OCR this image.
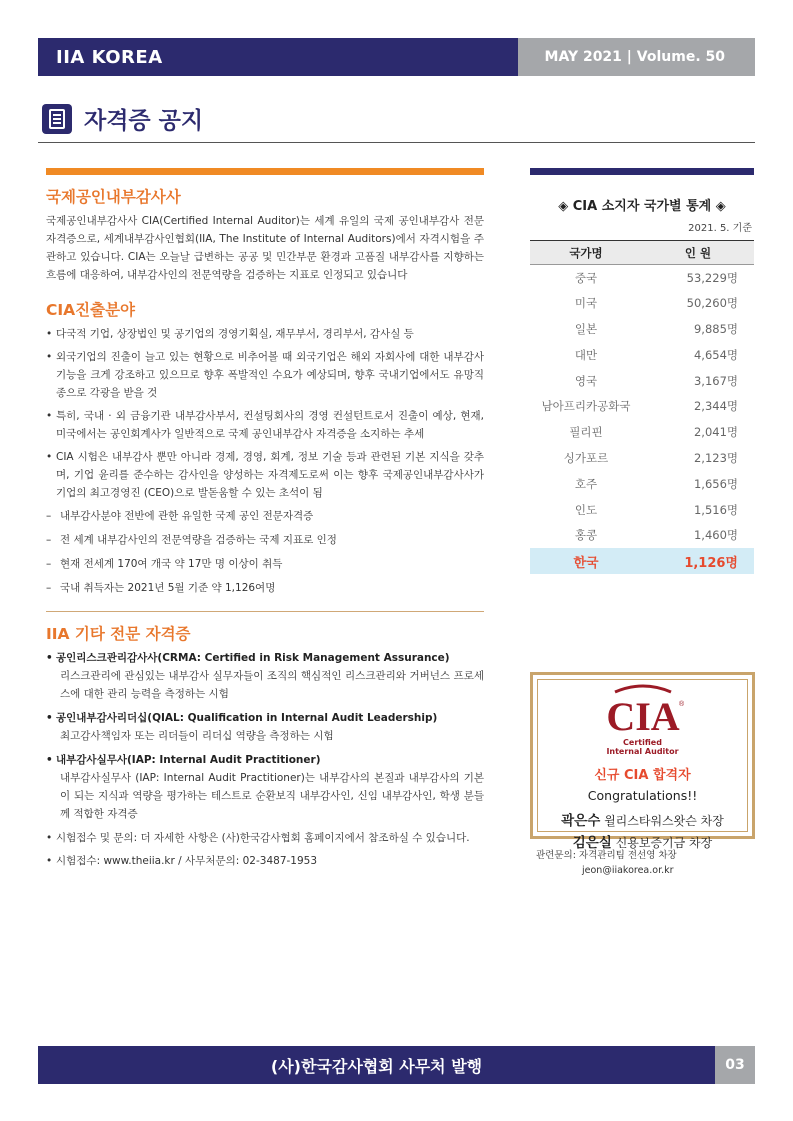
IIA KOREA	MAY 2021 | Volume. 50
자격증 공지
국제공인내부감사사

국제공인내부감사사 CIA(Certified Internal Auditor)는 세계 유일의 국제 공인내부감사 전문 자격증으로, 세계내부감사인협회(IIA, The Institute of Internal Auditors)에서 자격시험을 주관하고 있습니다. CIA는 오늘날 급변하는 공공 및 민간부문 환경과 고품질 내부감사를 지향하는 흐름에 대응하여, 내부감사인의 전문역량을 검증하는 지표로 인정되고 있습니다

CIA진출분야
• 다국적 기업, 상장법인 및 공기업의 경영기획실, 재무부서, 경리부서, 감사실 등
• 외국기업의 진출이 늘고 있는 현황으로 비추어볼 때 외국기업은 해외 자회사에 대한 내부감사기능을 크게 강조하고 있으므로 향후 폭발적인 수요가 예상되며, 향후 국내기업에서도 유망직종으로 각광을 받을 것
• 특히, 국내 · 외 금융기관 내부감사부서, 컨설팅회사의 경영 컨설턴트로서 진출이 예상, 현재, 미국에서는 공인회계사가 일반적으로 국제 공인내부감사 자격증을 소지하는 추세
• CIA 시험은 내부감사 뿐만 아니라 경제, 경영, 회계, 정보 기술 등과 관련된 기본 지식을 갖추며, 기업 윤리를 준수하는 감사인을 양성하는 자격제도로써 이는 향후 국제공인내부감사사가 기업의 최고경영진 (CEO)으로 발돋움할 수 있는 초석이 됨
– 내부감사분야 전반에 관한 유일한 국제 공인 전문자격증
– 전 세계 내부감사인의 전문역량을 검증하는 국제 지표로 인정
– 현재 전세계 170여 개국 약 17만 명 이상이 취득
– 국내 취득자는 2021년 5월 기준 약 1,126여명
IIA 기타 전문 자격증
• 공인리스크관리감사사(CRMA: Certified in Risk Management Assurance)
리스크관리에 관심있는 내부감사 실무자들이 조직의 핵심적인 리스크관리와 거버넌스 프로세스에 대한 관리 능력을 측정하는 시험
• 공인내부감사리더십(QIAL: Qualification in Internal Audit Leadership)
최고감사책임자 또는 리더들이 리더십 역량을 측정하는 시험
• 내부감사실무사(IAP: Internal Audit Practitioner)
내부감사실무사 (IAP: Internal Audit Practitioner)는 내부감사의 본질과 내부감사의 기본이 되는 지식과 역량을 평가하는 테스트로 순환보직 내부감사인, 신임 내부감사인, 학생 분들께 적합한 자격증
• 시험접수 및 문의: 더 자세한 사항은 (사)한국감사협회 홈페이지에서 참조하실 수 있습니다.
• 시험접수: www.theiia.kr / 사무처문의: 02-3487-1953
◈ CIA 소지자 국가별 통계 ◈
2021. 5. 기준
국가명	인 원
중국	53,229명
미국	50,260명
일본	9,885명
대만	4,654명
영국	3,167명
남아프리카공화국	2,344명
필리핀	2,041명
싱가포르	2,123명
호주	1,656명
인도	1,516명
홍콩	1,460명
한국	1,126명
CIA ®
Certified
Internal Auditor
신규 CIA 합격자
Congratulations!!
곽은수 윌리스타워스왓슨 차장
김은실 신용보증기금 차장
관련문의: 자격관리팀 전선영 차장
jeon@iiakorea.or.kr
(사)한국감사협회 사무처 발행	03
